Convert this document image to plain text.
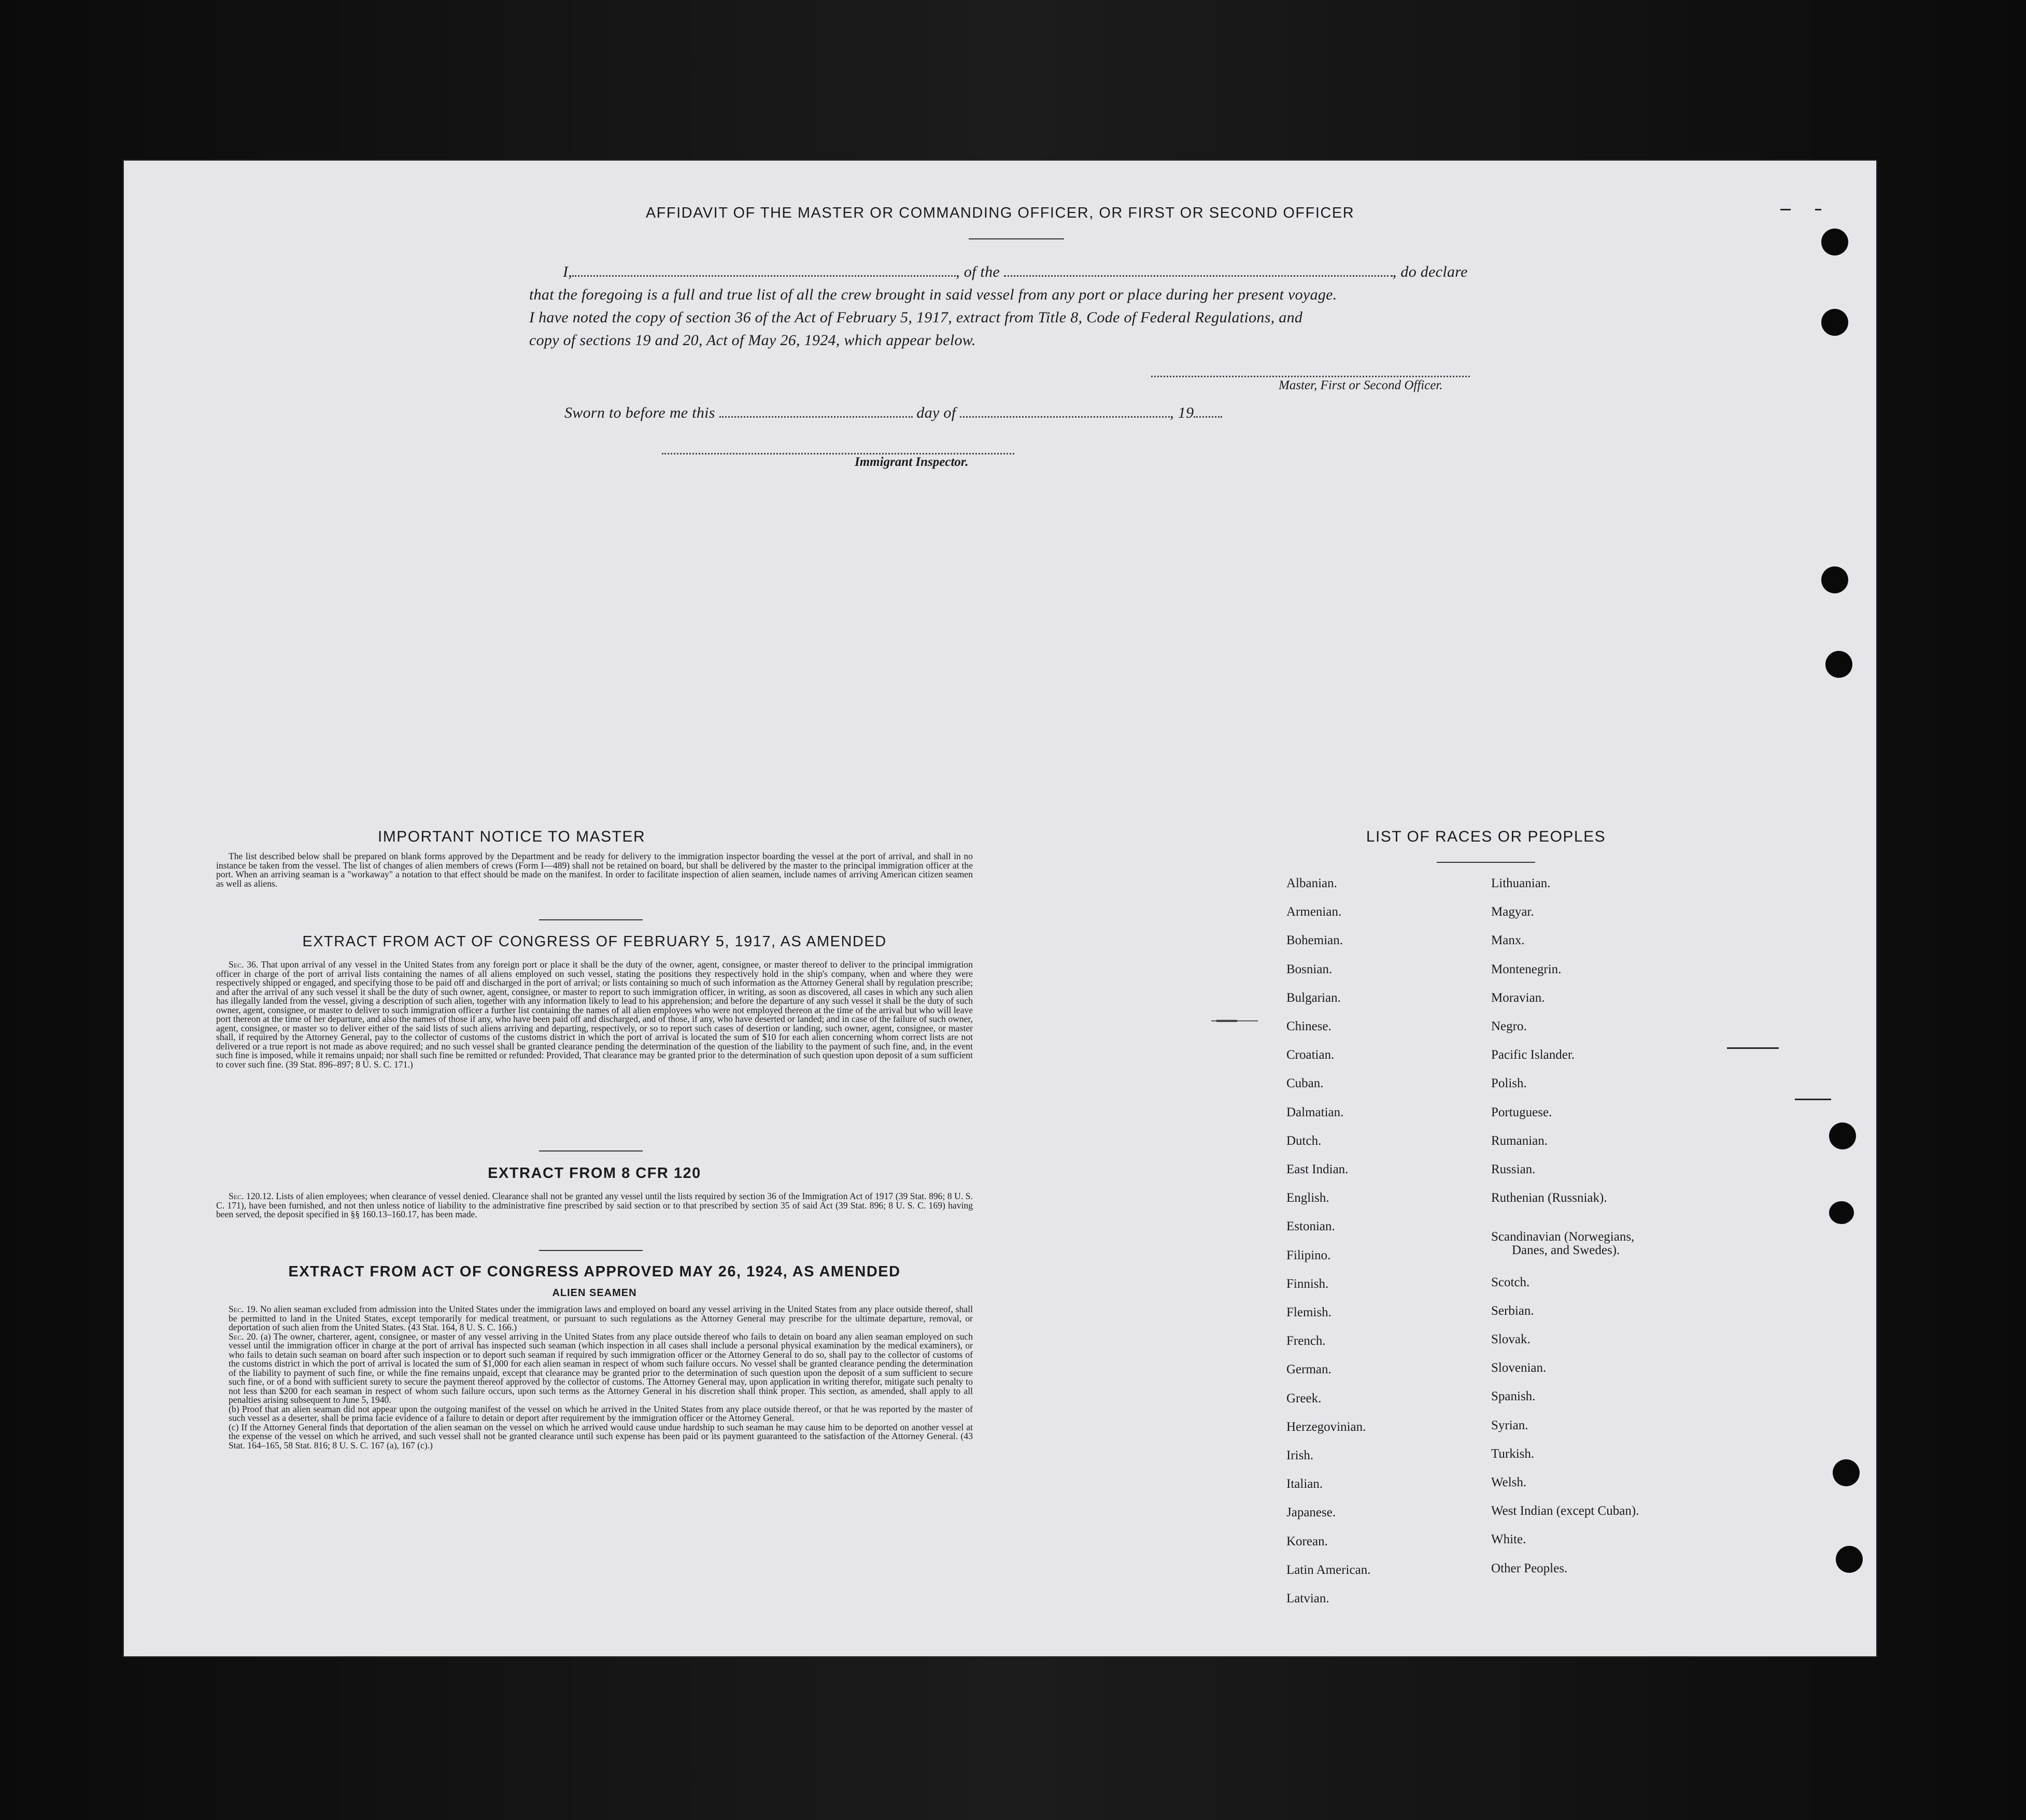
AFFIDAVIT OF THE MASTER OR COMMANDING OFFICER, OR FIRST OR SECOND OFFICER
I,	, of the	, do declare
that the foregoing is a full and true list of all the crew brought in said vessel from any port or place during her present voyage.
I have noted the copy of section 36 of the Act of February 5, 1917, extract from Title 8, Code of Federal Regulations, and
copy of sections 19 and 20, Act of May 26, 1924, which appear below.
Master, First or Second Officer.
Sworn to before me this	day of	, 19
Immigrant Inspector.
IMPORTANT NOTICE TO MASTER
The list described below shall be prepared on blank forms approved by the Department and be ready for delivery to the immigration inspector boarding the vessel at the port of arrival, and shall in no instance be taken from the vessel. The list of changes of alien members of crews (Form I—489) shall not be retained on board, but shall be delivered by the master to the principal immigration officer at the port. When an arriving seaman is a "workaway" a notation to that effect should be made on the manifest. In order to facilitate inspection of alien seamen, include names of arriving American citizen seamen as well as aliens.
EXTRACT FROM ACT OF CONGRESS OF FEBRUARY 5, 1917, AS AMENDED
Sec. 36. That upon arrival of any vessel in the United States from any foreign port or place it shall be the duty of the owner, agent, consignee, or master thereof to deliver to the principal immigration officer in charge of the port of arrival lists containing the names of all aliens employed on such vessel, stating the positions they respectively hold in the ship's company, when and where they were respectively shipped or engaged, and specifying those to be paid off and discharged in the port of arrival; or lists containing so much of such information as the Attorney General shall by regulation prescribe; and after the arrival of any such vessel it shall be the duty of such owner, agent, consignee, or master to report to such immigration officer, in writing, as soon as discovered, all cases in which any such alien has illegally landed from the vessel, giving a description of such alien, together with any information likely to lead to his apprehension; and before the departure of any such vessel it shall be the duty of such owner, agent, consignee, or master to deliver to such immigration officer a further list containing the names of all alien employees who were not employed thereon at the time of the arrival but who will leave port thereon at the time of her departure, and also the names of those if any, who have been paid off and discharged, and of those, if any, who have deserted or landed; and in case of the failure of such owner, agent, consignee, or master so to deliver either of the said lists of such aliens arriving and departing, respectively, or so to report such cases of desertion or landing, such owner, agent, consignee, or master shall, if required by the Attorney General, pay to the collector of customs of the customs district in which the port of arrival is located the sum of $10 for each alien concerning whom correct lists are not delivered or a true report is not made as above required; and no such vessel shall be granted clearance pending the determination of the question of the liability to the payment of such fine, and, in the event such fine is imposed, while it remains unpaid; nor shall such fine be remitted or refunded: Provided, That clearance may be granted prior to the determination of such question upon deposit of a sum sufficient to cover such fine. (39 Stat. 896–897; 8 U. S. C. 171.)
EXTRACT FROM 8 CFR 120
Sec. 120.12. Lists of alien employees; when clearance of vessel denied. Clearance shall not be granted any vessel until the lists required by section 36 of the Immigration Act of 1917 (39 Stat. 896; 8 U. S. C. 171), have been furnished, and not then unless notice of liability to the administrative fine prescribed by said section or to that prescribed by section 35 of said Act (39 Stat. 896; 8 U. S. C. 169) having been served, the deposit specified in §§ 160.13–160.17, has been made.
EXTRACT FROM ACT OF CONGRESS APPROVED MAY 26, 1924, AS AMENDED
ALIEN SEAMEN
Sec. 19. No alien seaman excluded from admission into the United States under the immigration laws and employed on board any vessel arriving in the United States from any place outside thereof, shall be permitted to land in the United States, except temporarily for medical treatment, or pursuant to such regulations as the Attorney General may prescribe for the ultimate departure, removal, or deportation of such alien from the United States. (43 Stat. 164, 8 U. S. C. 166.)
Sec. 20. (a) The owner, charterer, agent, consignee, or master of any vessel arriving in the United States from any place outside thereof who fails to detain on board any alien seaman employed on such vessel until the immigration officer in charge at the port of arrival has inspected such seaman (which inspection in all cases shall include a personal physical examination by the medical examiners), or who fails to detain such seaman on board after such inspection or to deport such seaman if required by such immigration officer or the Attorney General to do so, shall pay to the collector of customs of the customs district in which the port of arrival is located the sum of $1,000 for each alien seaman in respect of whom such failure occurs. No vessel shall be granted clearance pending the determination of the liability to payment of such fine, or while the fine remains unpaid, except that clearance may be granted prior to the determination of such question upon the deposit of a sum sufficient to secure such fine, or of a bond with sufficient surety to secure the payment thereof approved by the collector of customs. The Attorney General may, upon application in writing therefor, mitigate such penalty to not less than $200 for each seaman in respect of whom such failure occurs, upon such terms as the Attorney General in his discretion shall think proper. This section, as amended, shall apply to all penalties arising subsequent to June 5, 1940.
(b) Proof that an alien seaman did not appear upon the outgoing manifest of the vessel on which he arrived in the United States from any place outside thereof, or that he was reported by the master of such vessel as a deserter, shall be prima facie evidence of a failure to detain or deport after requirement by the immigration officer or the Attorney General.
(c) If the Attorney General finds that deportation of the alien seaman on the vessel on which he arrived would cause undue hardship to such seaman he may cause him to be deported on another vessel at the expense of the vessel on which he arrived, and such vessel shall not be granted clearance until such expense has been paid or its payment guaranteed to the satisfaction of the Attorney General. (43 Stat. 164–165, 58 Stat. 816; 8 U. S. C. 167 (a), 167 (c).)
LIST OF RACES OR PEOPLES
Albanian.
Armenian.
Bohemian.
Bosnian.
Bulgarian.
Chinese.
Croatian.
Cuban.
Dalmatian.
Dutch.
East Indian.
English.
Estonian.
Filipino.
Finnish.
Flemish.
French.
German.
Greek.
Herzegovinian.
Irish.
Italian.
Japanese.
Korean.
Latin American.
Latvian.
Lithuanian.
Magyar.
Manx.
Montenegrin.
Moravian.
Negro.
Pacific Islander.
Polish.
Portuguese.
Rumanian.
Russian.
Ruthenian (Russniak).
Scandinavian (Norwegians,
Danes, and Swedes).
Scotch.
Serbian.
Slovak.
Slovenian.
Spanish.
Syrian.
Turkish.
Welsh.
West Indian (except Cuban).
White.
Other Peoples.
